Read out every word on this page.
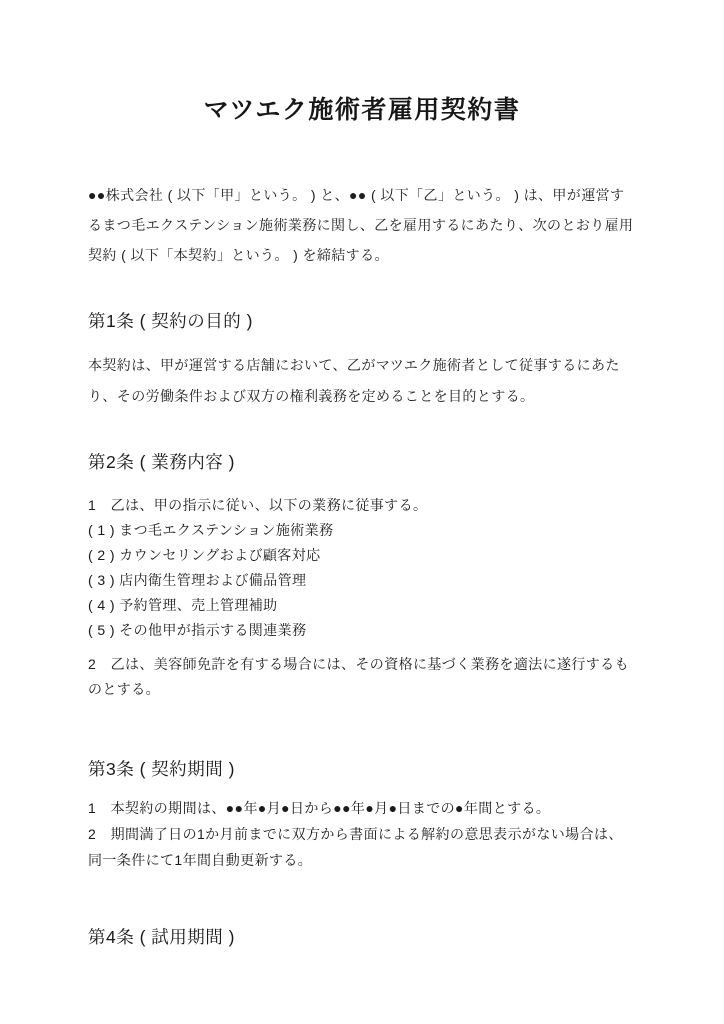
マツエク施術者雇用契約書

●●株式会社 ( 以下「甲」という。 ) と、●● ( 以下「乙」という。 ) は、甲が運営するまつ毛エクステンション施術業務に関し、乙を雇用するにあたり、次のとおり雇用契約 ( 以下「本契約」という。 ) を締結する。

第1条 ( 契約の目的 )

本契約は、甲が運営する店舗において、乙がマツエク施術者として従事するにあたり、その労働条件および双方の権利義務を定めることを目的とする。

第2条 ( 業務内容 )

1　乙は、甲の指示に従い、以下の業務に従事する。

( 1 ) まつ毛エクステンション施術業務

( 2 ) カウンセリングおよび顧客対応

( 3 ) 店内衛生管理および備品管理

( 4 ) 予約管理、売上管理補助

( 5 ) その他甲が指示する関連業務

2　乙は、美容師免許を有する場合には、その資格に基づく業務を適法に遂行するものとする。

第3条 ( 契約期間 )

1　本契約の期間は、●●年●月●日から●●年●月●日までの●年間とする。

2　期間満了日の1か月前までに双方から書面による解約の意思表示がない場合は、同一条件にて1年間自動更新する。

第4条 ( 試用期間 )
